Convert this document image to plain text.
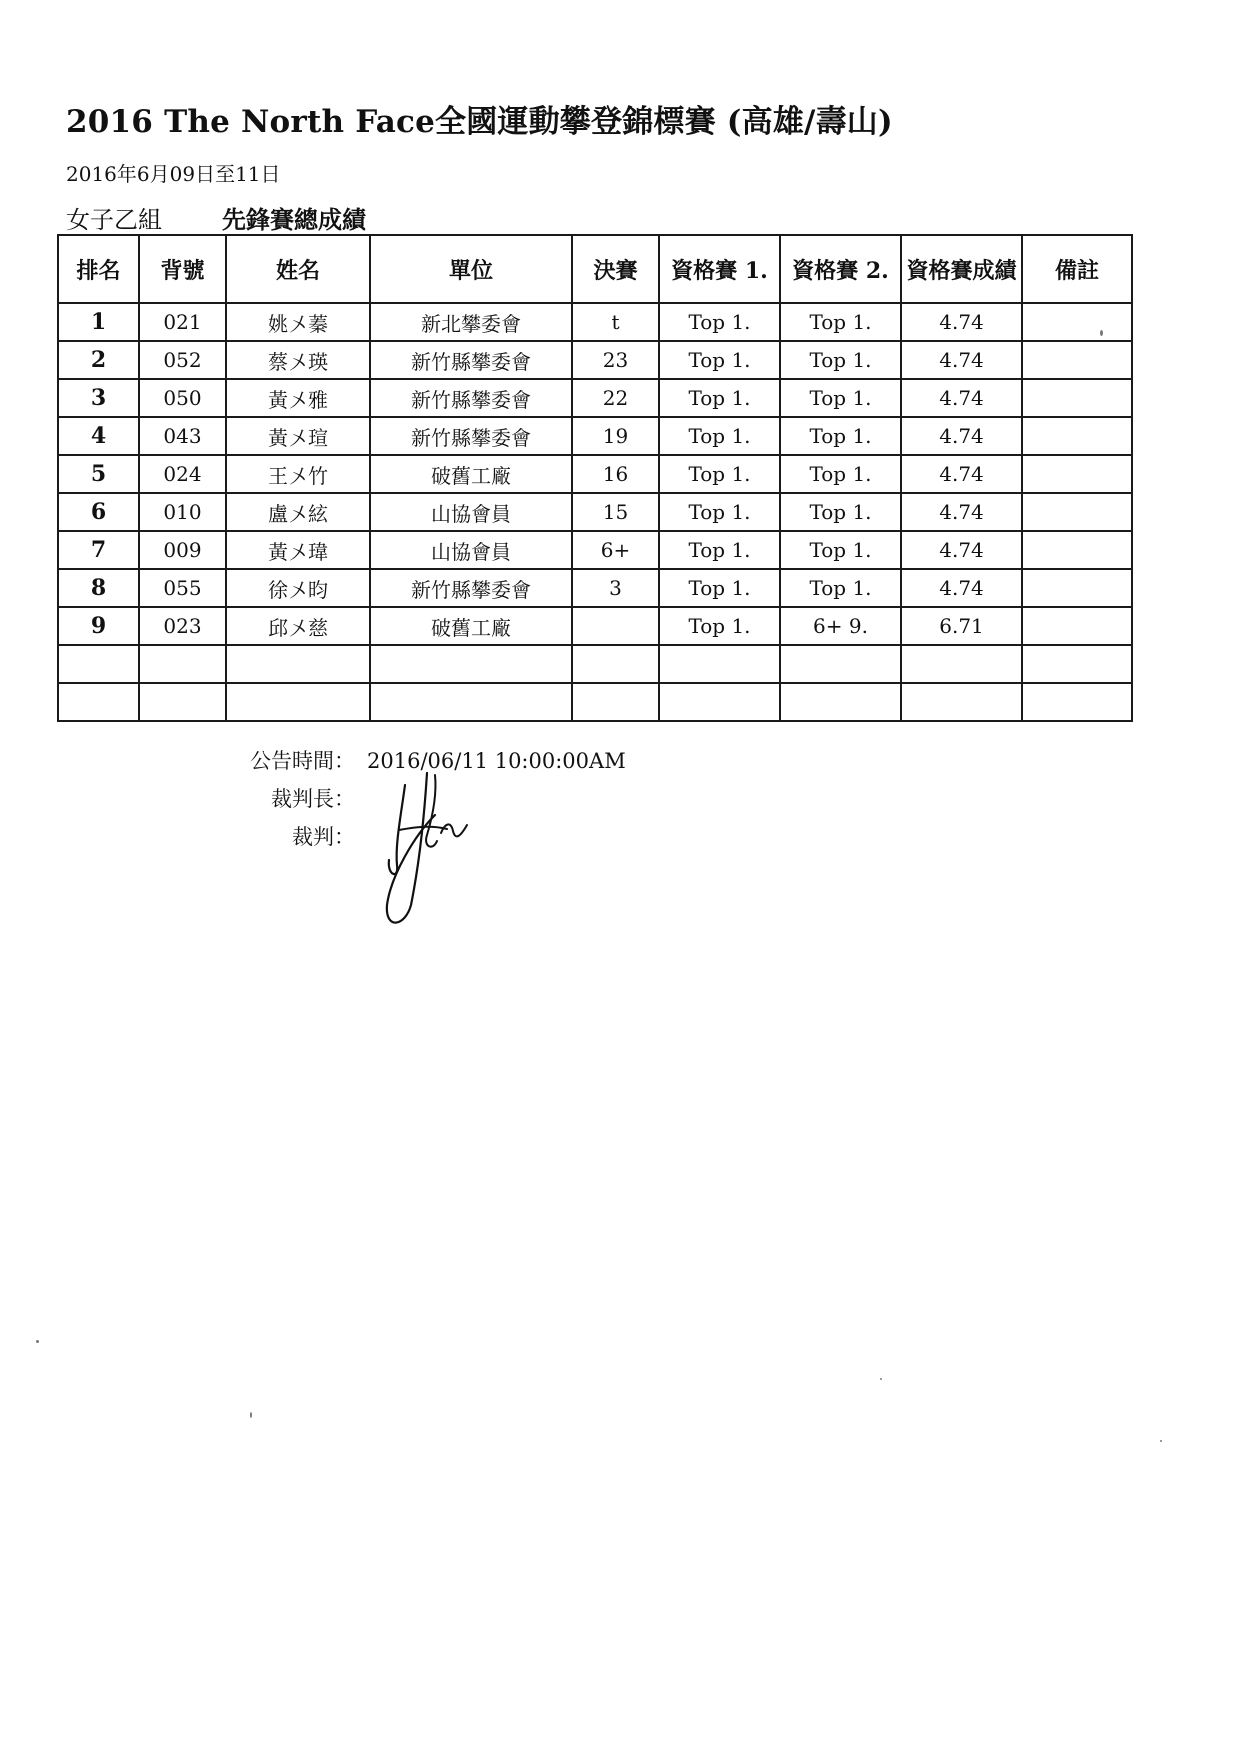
2016 The North Face全國運動攀登錦標賽 (高雄/壽山)
2016年6月09日至11日
女子乙組	先鋒賽總成績
排名	背號	姓名	單位	決賽	資格賽 1.	資格賽 2.	資格賽成績	備註
1	021	姚〤蓁	新北攀委會	t	Top 1.	Top 1.	4.74	
2	052	蔡〤瑛	新竹縣攀委會	23	Top 1.	Top 1.	4.74	
3	050	黃〤雅	新竹縣攀委會	22	Top 1.	Top 1.	4.74	
4	043	黃〤瑄	新竹縣攀委會	19	Top 1.	Top 1.	4.74	
5	024	王〤竹	破舊工廠	16	Top 1.	Top 1.	4.74	
6	010	盧〤絃	山協會員	15	Top 1.	Top 1.	4.74	
7	009	黃〤瑋	山協會員	6+	Top 1.	Top 1.	4.74	
8	055	徐〤昀	新竹縣攀委會	3	Top 1.	Top 1.	4.74	
9	023	邱〤慈	破舊工廠		Top 1.	6+ 9.	6.71	

公告時間： 2016/06/11 10:00:00AM
裁判長：
裁判：
